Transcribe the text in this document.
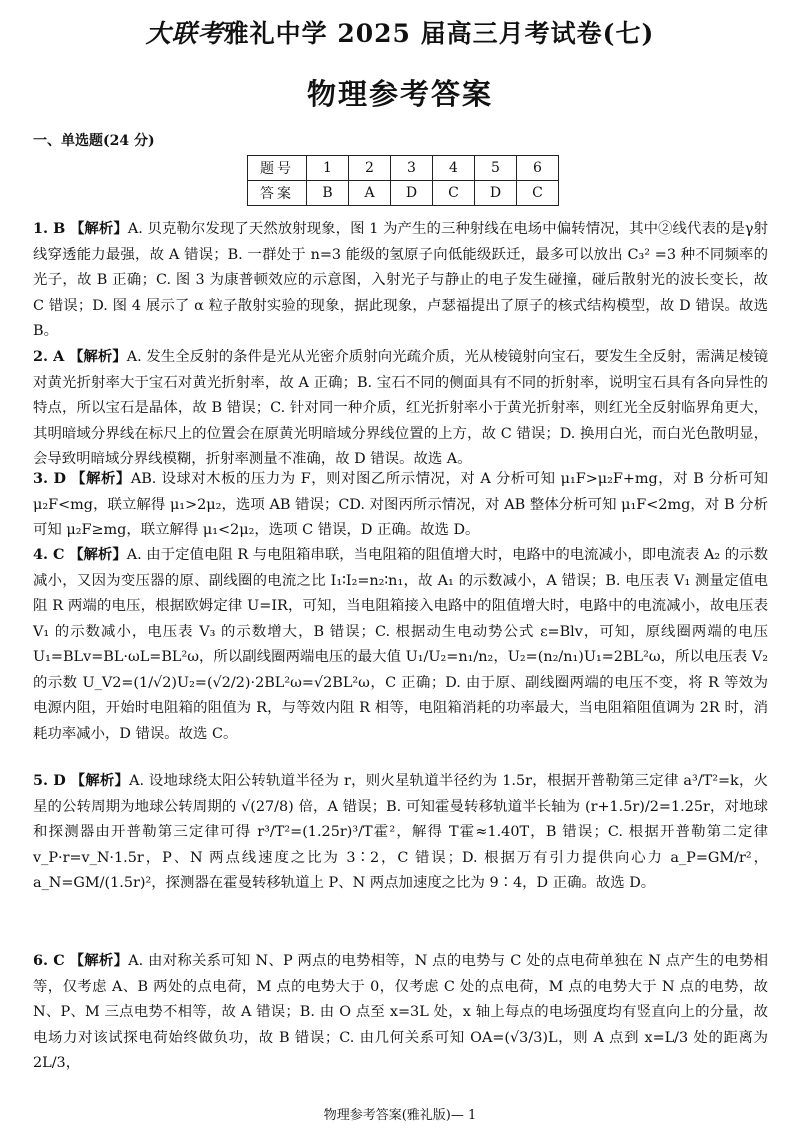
大联考雅礼中学 2025 届高三月考试卷(七)
物理参考答案
一、单选题(24 分)
题号	1	2	3	4	5	6
答案	B	A	D	C	D	C

1. B 【解析】A. 贝克勒尔发现了天然放射现象，图 1 为产生的三种射线在电场中偏转情况，其中②线代表的是γ射线穿透能力最强，故 A 错误；B. 一群处于 n=3 能级的氢原子向低能级跃迁，最多可以放出 C₃² =3 种不同频率的光子，故 B 正确；C. 图 3 为康普顿效应的示意图，入射光子与静止的电子发生碰撞，碰后散射光的波长变长，故 C 错误；D. 图 4 展示了 α 粒子散射实验的现象，据此现象，卢瑟福提出了原子的核式结构模型，故 D 错误。故选 B。

2. A 【解析】A. 发生全反射的条件是光从光密介质射向光疏介质，光从棱镜射向宝石，要发生全反射，需满足棱镜对黄光折射率大于宝石对黄光折射率，故 A 正确；B. 宝石不同的侧面具有不同的折射率，说明宝石具有各向异性的特点，所以宝石是晶体，故 B 错误；C. 针对同一种介质，红光折射率小于黄光折射率，则红光全反射临界角更大，其明暗域分界线在标尺上的位置会在原黄光明暗域分界线位置的上方，故 C 错误；D. 换用白光，而白光色散明显，会导致明暗域分界线模糊，折射率测量不准确，故 D 错误。故选 A。

3. D 【解析】AB. 设球对木板的压力为 F，则对图乙所示情况，对 A 分析可知 μ₁F>μ₂F+mg，对 B 分析可知 μ₂F<mg，联立解得 μ₁>2μ₂，选项 AB 错误；CD. 对图丙所示情况，对 AB 整体分析可知 μ₁F<2mg，对 B 分析可知 μ₂F≥mg，联立解得 μ₁<2μ₂，选项 C 错误，D 正确。故选 D。

4. C 【解析】A. 由于定值电阻 R 与电阻箱串联，当电阻箱的阻值增大时，电路中的电流减小，即电流表 A₂ 的示数减小，又因为变压器的原、副线圈的电流之比 I₁∶I₂=n₂∶n₁，故 A₁ 的示数减小，A 错误；B. 电压表 V₁ 测量定值电阻 R 两端的电压，根据欧姆定律 U=IR，可知，当电阻箱接入电路中的阻值增大时，电路中的电流减小，故电压表 V₁ 的示数减小，电压表 V₃ 的示数增大，B 错误；C. 根据动生电动势公式 ε=Blv，可知，原线圈两端的电压 U₁=BLv=BL·ωL=BL²ω，所以副线圈两端电压的最大值 U₁/U₂=n₁/n₂，U₂=(n₂/n₁)U₁=2BL²ω，所以电压表 V₂ 的示数 U_V2=(1/√2)U₂=(√2/2)·2BL²ω=√2BL²ω，C 正确；D. 由于原、副线圈两端的电压不变，将 R 等效为电源内阻，开始时电阻箱的阻值为 R，与等效内阻 R 相等，电阻箱消耗的功率最大，当电阻箱阻值调为 2R 时，消耗功率减小，D 错误。故选 C。

5. D 【解析】A. 设地球绕太阳公转轨道半径为 r，则火星轨道半径约为 1.5r，根据开普勒第三定律 a³/T²=k，火星的公转周期为地球公转周期的 √(27/8) 倍，A 错误；B. 可知霍曼转移轨道半长轴为 (r+1.5r)/2=1.25r，对地球和探测器由开普勒第三定律可得 r³/T²=(1.25r)³/T霍²，解得 T霍≈1.40T，B 错误；C. 根据开普勒第二定律 v_P·r=v_N·1.5r，P、N 两点线速度之比为 3∶2，C 错误；D. 根据万有引力提供向心力 a_P=GM/r²，a_N=GM/(1.5r)²，探测器在霍曼转移轨道上 P、N 两点加速度之比为 9∶4，D 正确。故选 D。

6. C 【解析】A. 由对称关系可知 N、P 两点的电势相等，N 点的电势与 C 处的点电荷单独在 N 点产生的电势相等，仅考虑 A、B 两处的点电荷，M 点的电势大于 0，仅考虑 C 处的点电荷，M 点的电势大于 N 点的电势，故 N、P、M 三点电势不相等，故 A 错误；B. 由 O 点至 x=3L 处，x 轴上每点的电场强度均有竖直向上的分量，故电场力对该试探电荷始终做负功，故 B 错误；C. 由几何关系可知 OA=(√3/3)L，则 A 点到 x=L/3 处的距离为 2L/3，

物理参考答案(雅礼版)— 1
